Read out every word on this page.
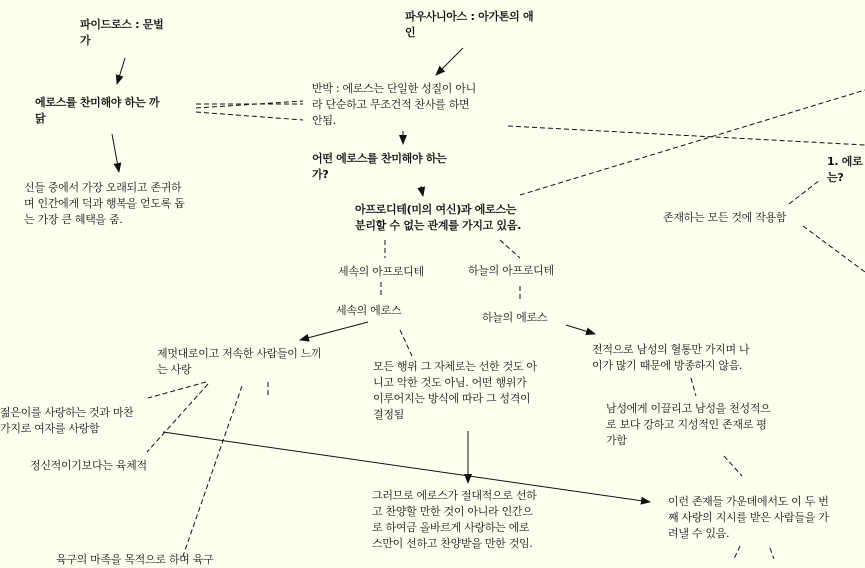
파이드로스 : 문벌
가
파우사니아스 : 아가톤의 애
인
에로스를 찬미해야 하는 까
닭
반박 : 에로스는 단일한 성질이 아니
라 단순하고 무조건적 찬사를 하면
안됨.
어떤 에로스를 찬미해야 하는
가?
아프로디테(미의 여신)과 에로스는
분리할 수 없는 관계를 가지고 있음.
신들 중에서 가장 오래되고 존귀하
며 인간에게 덕과 행복을 얻도록 돕
는 가장 큰 혜택을 줌.
1. 에로
는?
존재하는 모든 것에 작용함
세속의 아프로디테	하늘의 아프로디테
세속의 에로스
하늘의 에로스
제멋대로이고 저속한 사람들이 느끼
는 사랑	모든 행위 그 자체로는 선한 것도 아
니고 악한 것도 아님. 어떤 행위가
이루어지는 방식에 따라 그 성격이
결정됨
전적으로 남성의 혈통만 가지며 나
이가 많기 때문에 방종하지 않음.
젊은이를 사랑하는 것과 마찬
가지로 여자를 사랑함
정신적이기보다는 육체적
남성에게 이끌리고 남성을 천성적으
로 보다 강하고 지성적인 존재로 평
가함
그러므로 에로스가 절대적으로 선하
고 찬양할 만한 것이 아니라 인간으
로 하여금 올바르게 사랑하는 에로
스만이 선하고 찬양받을 만한 것임.
이런 존재들 가운데에서도 이 두 번
째 사랑의 지시를 받은 사람들을 가
려낼 수 있음.
육구의 마족을 목적으로 하며 육구
